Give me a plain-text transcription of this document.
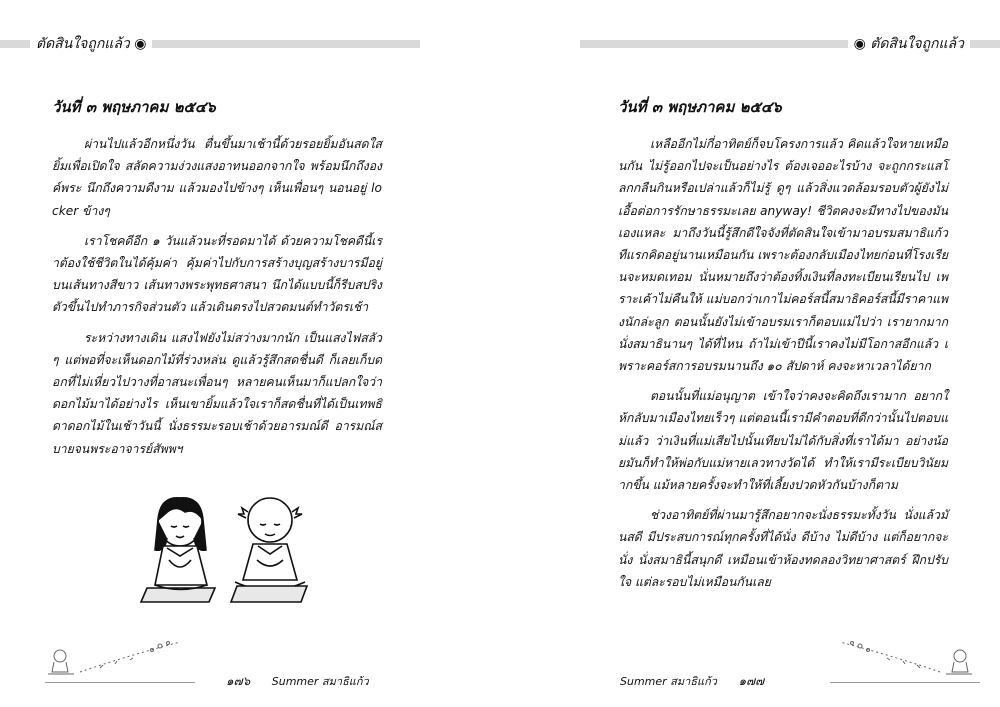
ตัดสินใจถูกแล้ว ◉	◉ ตัดสินใจถูกแล้ว
วันที่ ๓ พฤษภาคม ๒๕๔๖

ผ่านไปแล้วอีกหนึ่งวัน ตื่นขึ้นมาเช้านี้ด้วยรอยยิ้มอันสดใส ยิ้มเพื่อเปิดใจ สลัดความง่วงแสงอาทนออกจากใจ พร้อมนึกถึงองค์พระ นึกถึงความดีงาม แล้วมองไปข้างๆ เห็นเพื่อนๆ นอนอยู่ locker ข้างๆ

เราโชคดีอีก ๑ วันแล้วนะที่รอดมาได้ ด้วยความโชคดีนี้เราต้องใช้ชีวิตในได้คุ้มค่า คุ้มค่าไปกับการสร้างบุญสร้างบารมีอยู่บนเส้นทางสีขาว เส้นทางพระพุทธศาสนา นึกได้แบบนี้ก็รีบสปริงตัวขึ้นไปทำภารกิจส่วนตัว แล้วเดินตรงไปสวดมนต์ทำวัตรเช้า

ระหว่างทางเดิน แสงไฟยังไม่สว่างมากนัก เป็นแสงไฟสลัวๆ แต่พอที่จะเห็นดอกไม้ที่ร่วงหล่น ดูแล้วรู้สึกสดชื่นดี ก็เลยเก็บดอกที่ไม่เหี่ยวไปวางที่อาสนะเพื่อนๆ หลายคนเห็นมาก็แปลกใจว่าดอกไม้มาได้อย่างไร เห็นเขายิ้มแล้วใจเราก็สดชื่นที่ได้เป็นเทพธิดาดอกไม้ในเช้าวันนี้ นั่งธรรมะรอบเช้าด้วยอารมณ์ดี อารมณ์สบายจนพระอาจารย์สัพพฯ

วันที่ ๓ พฤษภาคม ๒๕๔๖

เหลืออีกไม่กี่อาทิตย์ก็จบโครงการแล้ว คิดแล้วใจหายเหมือนกัน ไม่รู้ออกไปจะเป็นอย่างไร ต้องเจออะไรบ้าง จะถูกกระแสโลกกลืนกินหรือเปล่าแล้วก็ไม่รู้ ดูๆ แล้วสิ่งแวดล้อมรอบตัวผู้ยังไม่เอื้อต่อการรักษาธรรมะเลย anyway! ชีวิตคงจะมีทางไปของมันเองแหละ มาถึงวันนี้รู้สึกดีใจจังที่ตัดสินใจเข้ามาอบรมสมาธิแก้ว ทีแรกคิดอยู่นานเหมือนกัน เพราะต้องกลับเมืองไทยก่อนที่โรงเรียนจะหมดเทอม นั่นหมายถึงว่าต้องทิ้งเงินที่ลงทะเบียนเรียนไป เพราะเค้าไม่คืนให้ แม่บอกว่าเกาไม่คอร์สนี้สมาธิคอร์สนี้มีราคาแพงนักล่ะลูก ตอนนั้นยังไม่เข้าอบรมเราก็ตอบแม่ไปว่า เรายากมากนั่งสมาธินานๆ ได้ที่ไหน ถ้าไม่เข้าปีนี้เราคงไม่มีโอกาสอีกแล้ว เพราะคอร์สการอบรมนานถึง ๑๐ สัปดาห์ คงจะหาเวลาได้ยาก

ตอนนั้นที่แม่อนุญาต เข้าใจว่าคงจะคิดถึงเรามาก อยากให้กลับมาเมืองไทยเร็วๆ แต่ตอนนี้เรามีคำตอบที่ดีกว่านั้นไปตอบแม่แล้ว ว่าเงินที่แม่เสียไปนั้นเทียบไม่ได้กับสิ่งที่เราได้มา อย่างน้อยมันก็ทำให้พ่อกับแม่หายเลวทางวัดได้ ทำให้เรามีระเบียบวินัยมากขึ้น แม้หลายครั้งจะทำให้ที่เลี้ยงปวดหัวกันบ้างก็ตาม

ช่วงอาทิตย์ที่ผ่านมารู้สึกอยากจะนั่งธรรมะทั้งวัน นั่งแล้วมันสดี มีประสบการณ์ทุกครั้งที่ได้นั่ง ดีบ้าง ไม่ดีบ้าง แต่ก็อยากจะนั่ง นั่งสมาธินี้สนุกดี เหมือนเข้าห้องทดลองวิทยาศาสตร์ ฝึกปรับใจ แต่ละรอบไม่เหมือนกันเลย

๑๗๖ Summer สมาธิแก้ว	Summer สมาธิแก้ว ๑๗๗
